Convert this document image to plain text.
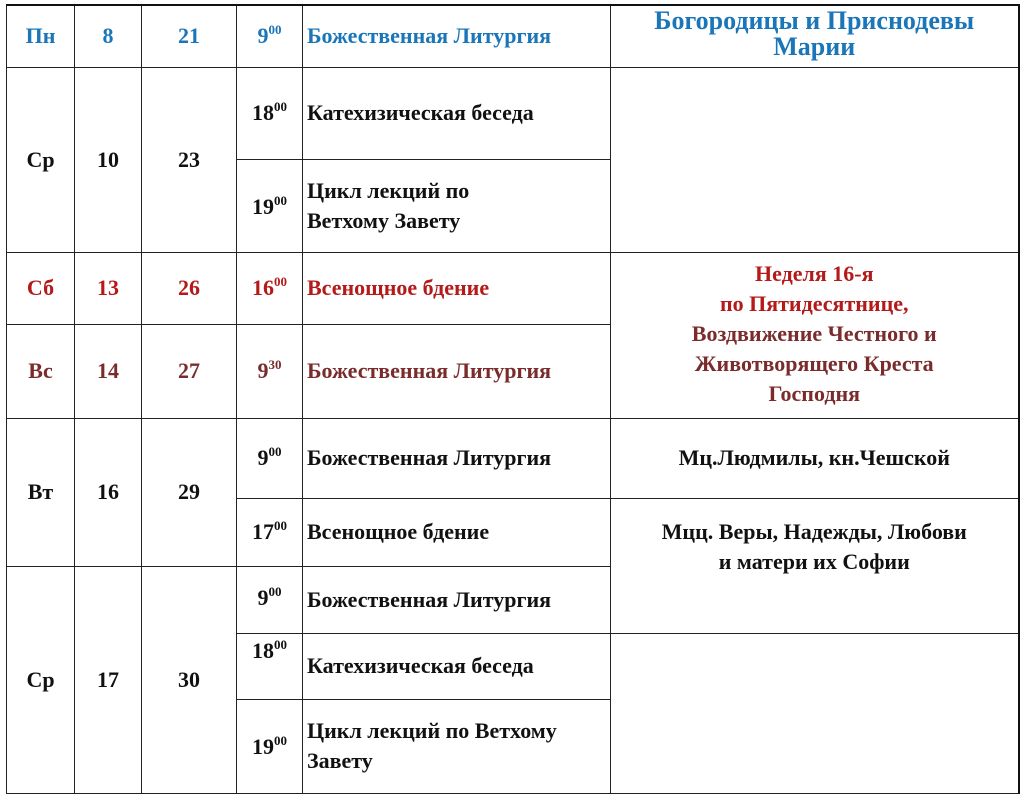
Пн	8	21	$9^{00}$	Божественная Литургия	Богородицы и Приснодевы Марии
Ср	10	23	$18^{00}$	Катехизическая беседа	
			$19^{00}$	Цикл лекций по
Ветхому Завету	

Сб	13	26	$16^{00}$	Всенощное бдение	Неделя 16-я
по Пятидесятнице,
Воздвижение Честного и
Животворящего Креста
Господня

Вс	14	27	$9^{30}$	Божественная Литургия	
Вт	16	29	$9^{00}$	Божественная Литургия	Мц.Людмилы, кн.Чешской
			$17^{00}$	Всенощное бдение	Мцц. Веры, Надежды, Любови
и матери их Софии

Ср	17	30	$9^{00}$	Божественная Литургия	
			$18^{00}$	Катехизическая беседа	
			$19^{00}$	Цикл лекций по Ветхому
Завету	
